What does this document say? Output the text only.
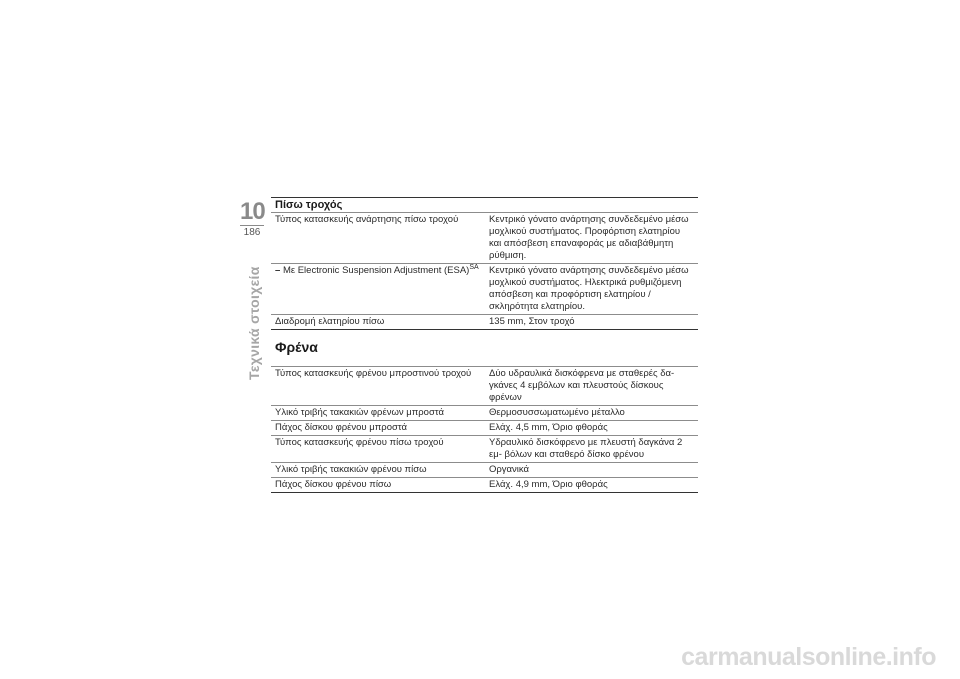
10
186
Τεχνικά στοιχεία
Πίσω τροχός
Τύπος κατασκευής ανάρτησης πίσω τροχού	Κεντρικό γόνατο ανάρτησης συνδεδεμένο μέσω μοχλικού συστήματος. Προφόρτιση ελατηρίου και απόσβεση επαναφοράς με αδιαβάθμητη ρύθμιση.
– Με Electronic Suspension Adjustment (ESA)$^{SA}$	Κεντρικό γόνατο ανάρτησης συνδεδεμένο μέσω μοχλικού συστήματος. Ηλεκτρικά ρυθμιζόμενη απόσβεση και προφόρτιση ελατηρίου / σκληρότητα ελατηρίου.
Διαδρομή ελατηρίου πίσω	135 mm, Στον τροχό
Φρένα
Τύπος κατασκευής φρένου μπροστινού τροχού	Δύο υδραυλικά δισκόφρενα με σταθερές δα- γκάνες 4 εμβόλων και πλευστούς δίσκους φρένων
Υλικό τριβής τακακιών φρένων μπροστά	Θερμοσυσσωματωμένο μέταλλο
Πάχος δίσκου φρένου μπροστά	Ελάχ. 4,5 mm, Όριο φθοράς
Τύπος κατασκευής φρένου πίσω τροχού	Υδραυλικό δισκόφρενο με πλευστή δαγκάνα 2 εμ- βόλων και σταθερό δίσκο φρένου
Υλικό τριβής τακακιών φρένου πίσω	Οργανικά
Πάχος δίσκου φρένου πίσω	Ελάχ. 4,9 mm, Όριο φθοράς
carmanualsonline.info
